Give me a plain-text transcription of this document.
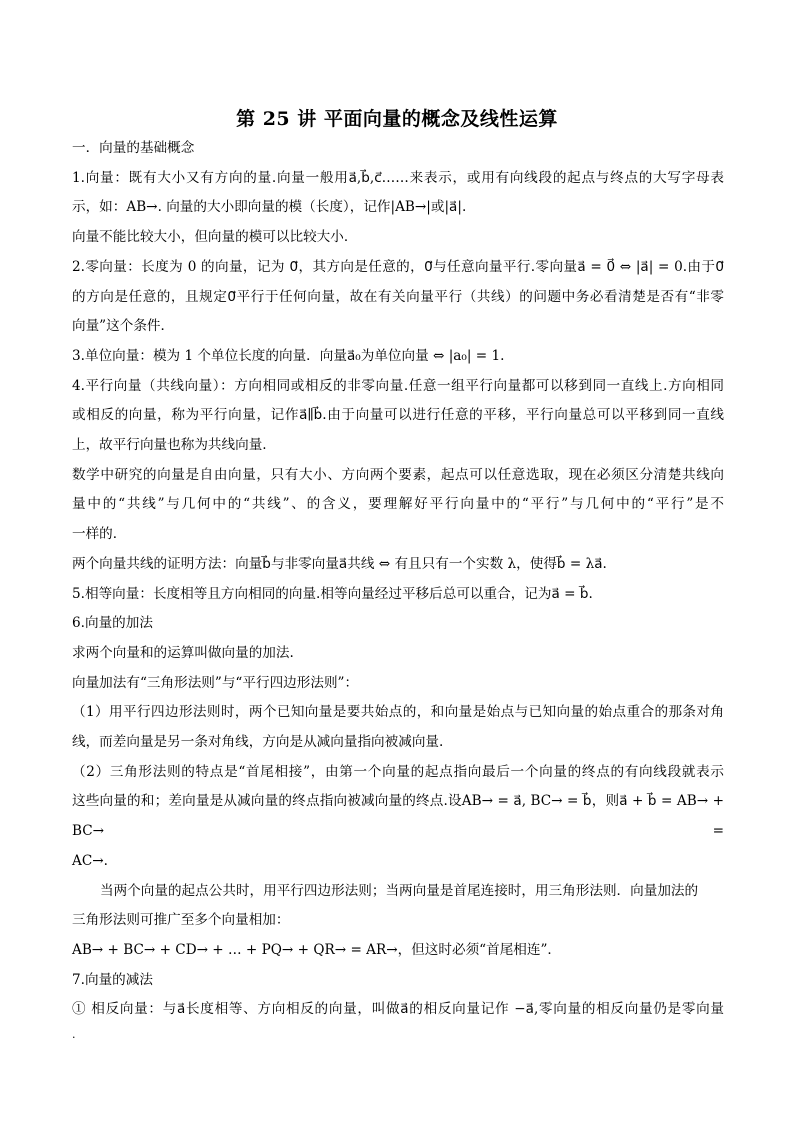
第 25 讲 平面向量的概念及线性运算
一．向量的基础概念
1.向量：既有大小又有方向的量.向量一般用a⃗,b⃗,c⃗……来表示，或用有向线段的起点与终点的大写字母表
示，如：AB→. 向量的大小即向量的模（长度），记作|AB→|或|a⃗|.
向量不能比较大小，但向量的模可以比较大小．
2.零向量：长度为 0 的向量，记为 0⃗，其方向是任意的，0⃗与任意向量平行.零向量a⃗ = 0⃗ ⇔ |a⃗| = 0.由于0⃗
的方向是任意的，且规定0⃗平行于任何向量，故在有关向量平行（共线）的问题中务必看清楚是否有“非零
向量”这个条件．
3.单位向量：模为 1 个单位长度的向量．向量a⃗₀为单位向量 ⇔ |a₀| = 1.
4.平行向量（共线向量）：方向相同或相反的非零向量.任意一组平行向量都可以移到同一直线上.方向相同
或相反的向量，称为平行向量，记作a⃗∥b⃗.由于向量可以进行任意的平移，平行向量总可以平移到同一直线
上，故平行向量也称为共线向量.
数学中研究的向量是自由向量，只有大小、方向两个要素，起点可以任意选取，现在必须区分清楚共线向
量中的“共线”与几何中的“共线”、的含义，要理解好平行向量中的“平行”与几何中的“平行”是不
一样的．
两个向量共线的证明方法：向量b⃗与非零向量a⃗共线 ⇔ 有且只有一个实数 λ，使得b⃗ = λa⃗.
5.相等向量：长度相等且方向相同的向量.相等向量经过平移后总可以重合，记为a⃗ = b⃗.
6.向量的加法
求两个向量和的运算叫做向量的加法.
向量加法有“三角形法则”与“平行四边形法则”：
（1）用平行四边形法则时，两个已知向量是要共始点的，和向量是始点与已知向量的始点重合的那条对角
线，而差向量是另一条对角线，方向是从减向量指向被减向量.
（2）三角形法则的特点是“首尾相接”，由第一个向量的起点指向最后一个向量的终点的有向线段就表示
这些向量的和；差向量是从减向量的终点指向被减向量的终点.设AB→ = a⃗, BC→ = b⃗，则a⃗ + b⃗ = AB→ + BC→ =
AC→.
当两个向量的起点公共时，用平行四边形法则；当两向量是首尾连接时，用三角形法则．向量加法的
三角形法则可推广至多个向量相加：
AB→ + BC→ + CD→ + … + PQ→ + QR→ = AR→，但这时必须“首尾相连”．
7.向量的减法
① 相反向量：与a⃗长度相等、方向相反的向量，叫做a⃗的相反向量记作 −a⃗,零向量的相反向量仍是零向量
.
